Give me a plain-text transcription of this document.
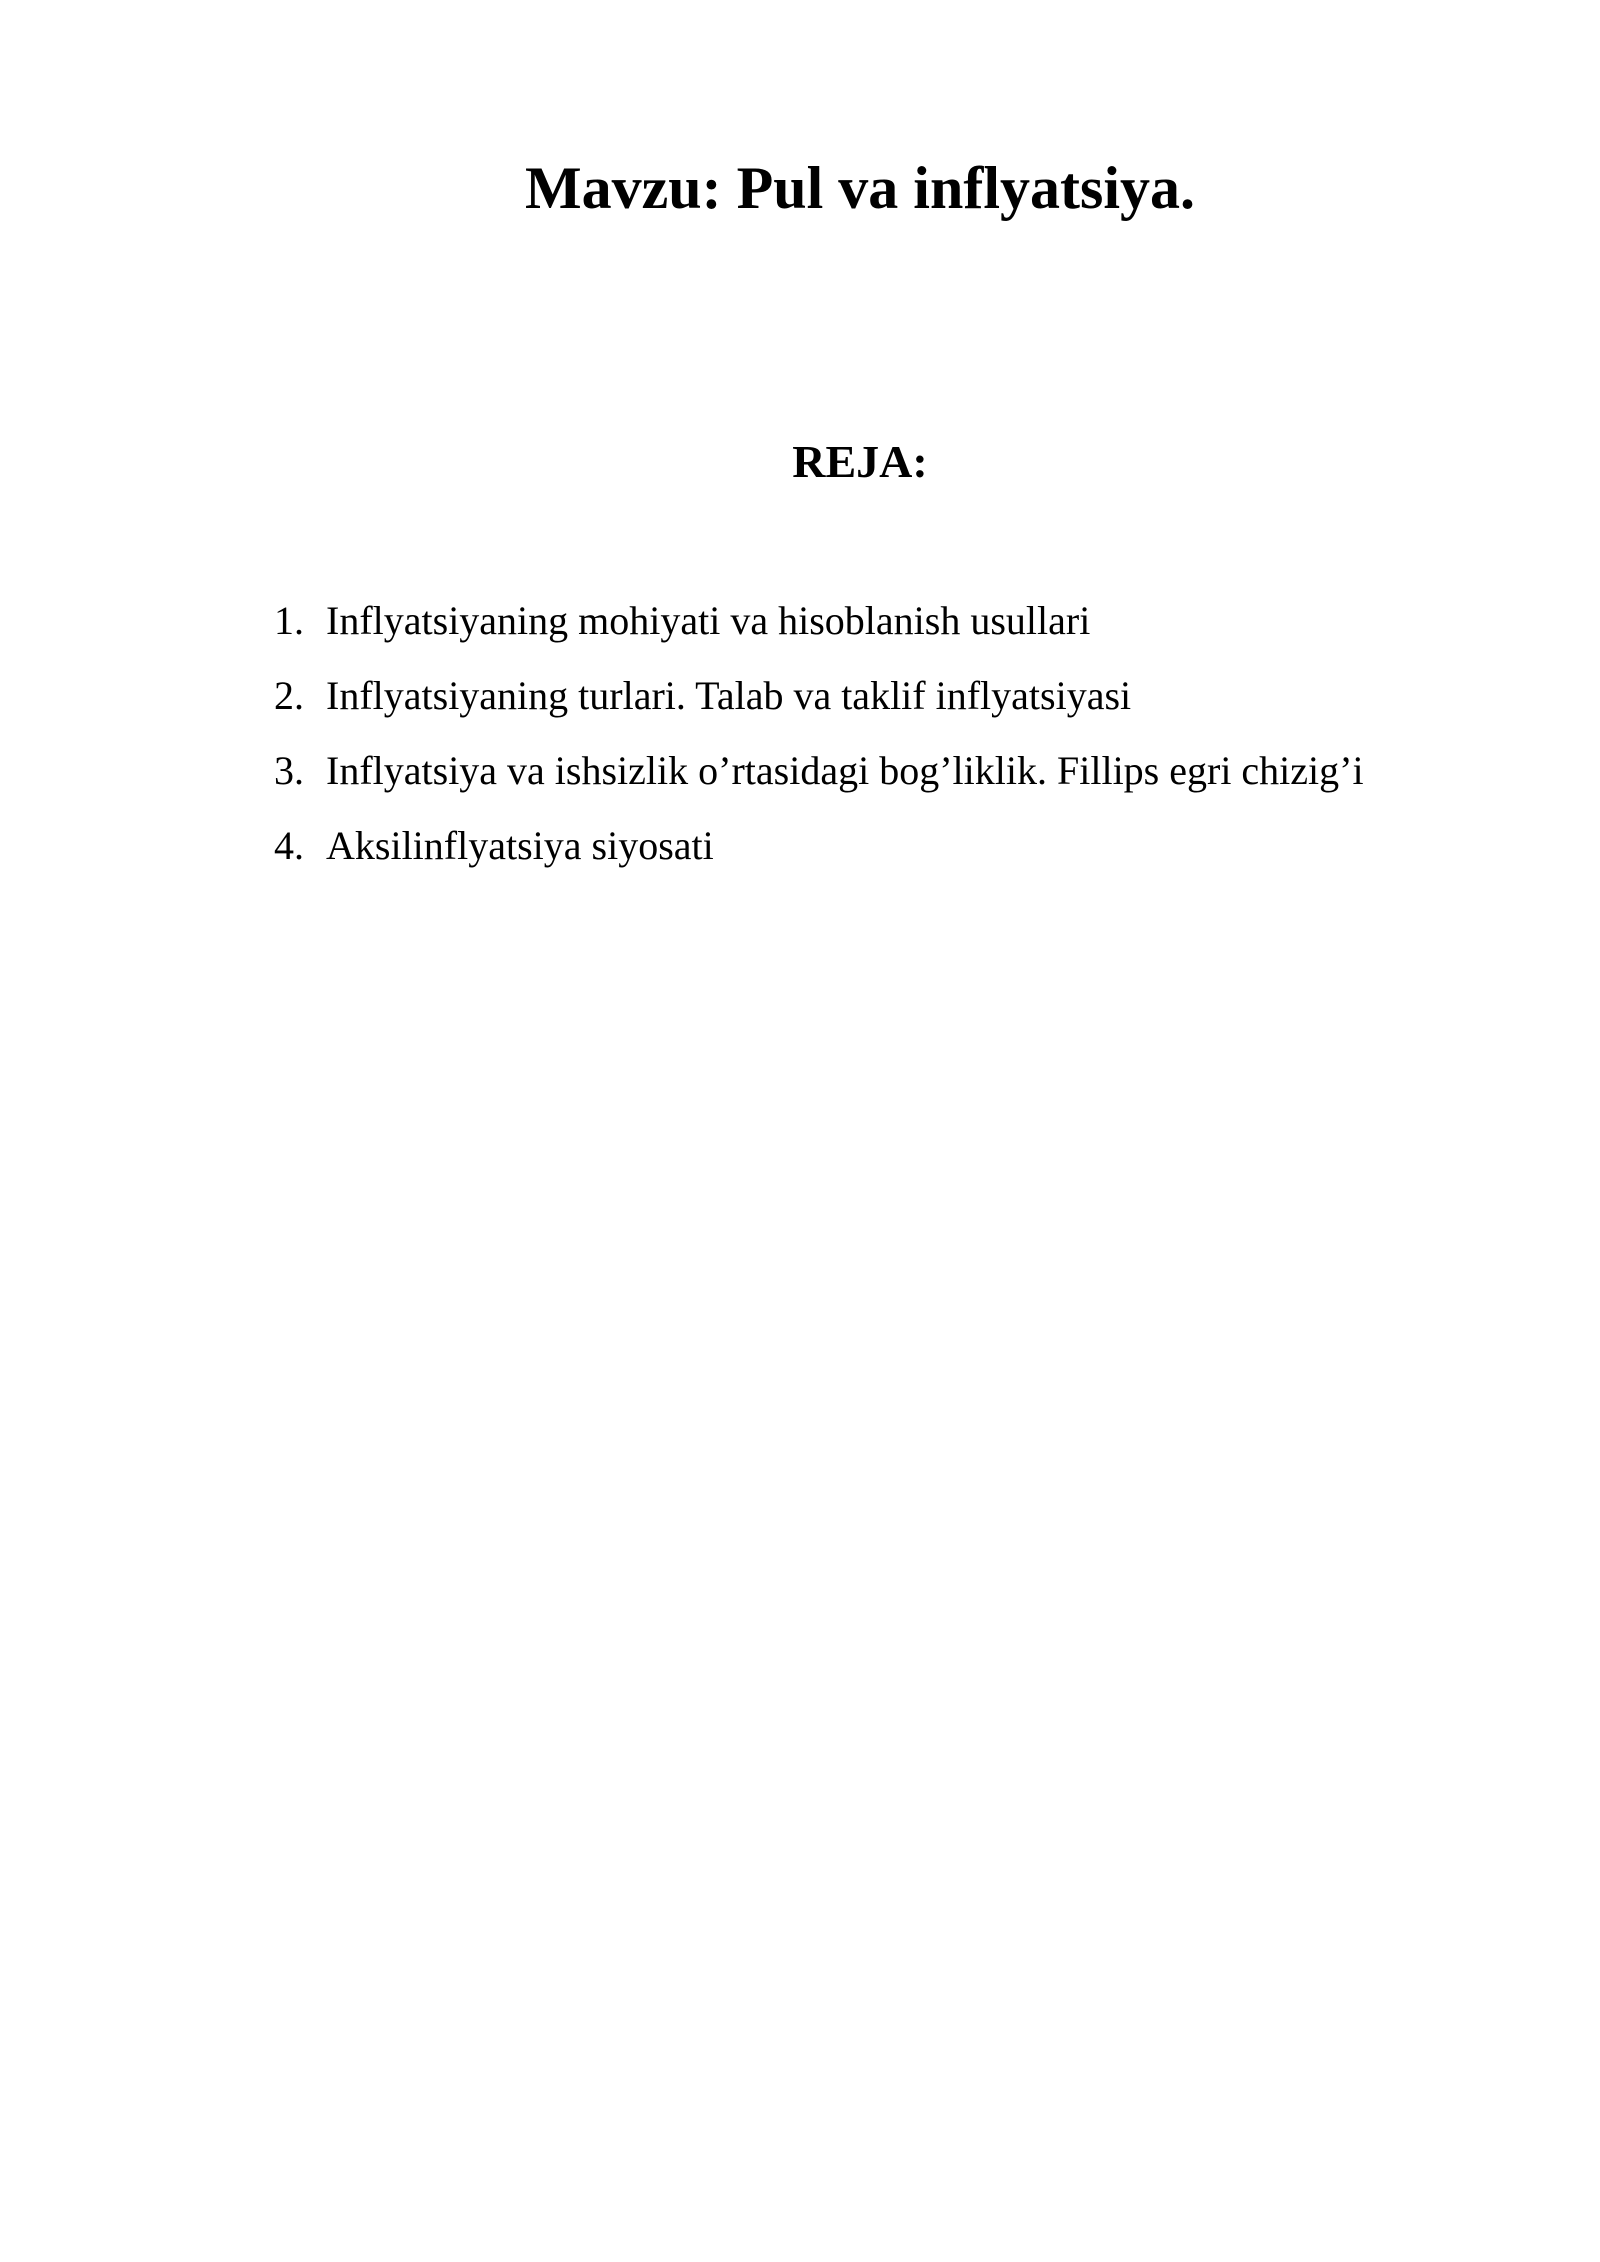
Mavzu: Pul va inflyatsiya.
REJA:
1. Inflyatsiyaning mohiyati va hisoblanish usullari
2. Inflyatsiyaning turlari. Talab va taklif inflyatsiyasi
3. Inflyatsiya va ishsizlik o’rtasidagi bog’liklik. Fillips egri chizig’i
4. Aksilinflyatsiya siyosati
